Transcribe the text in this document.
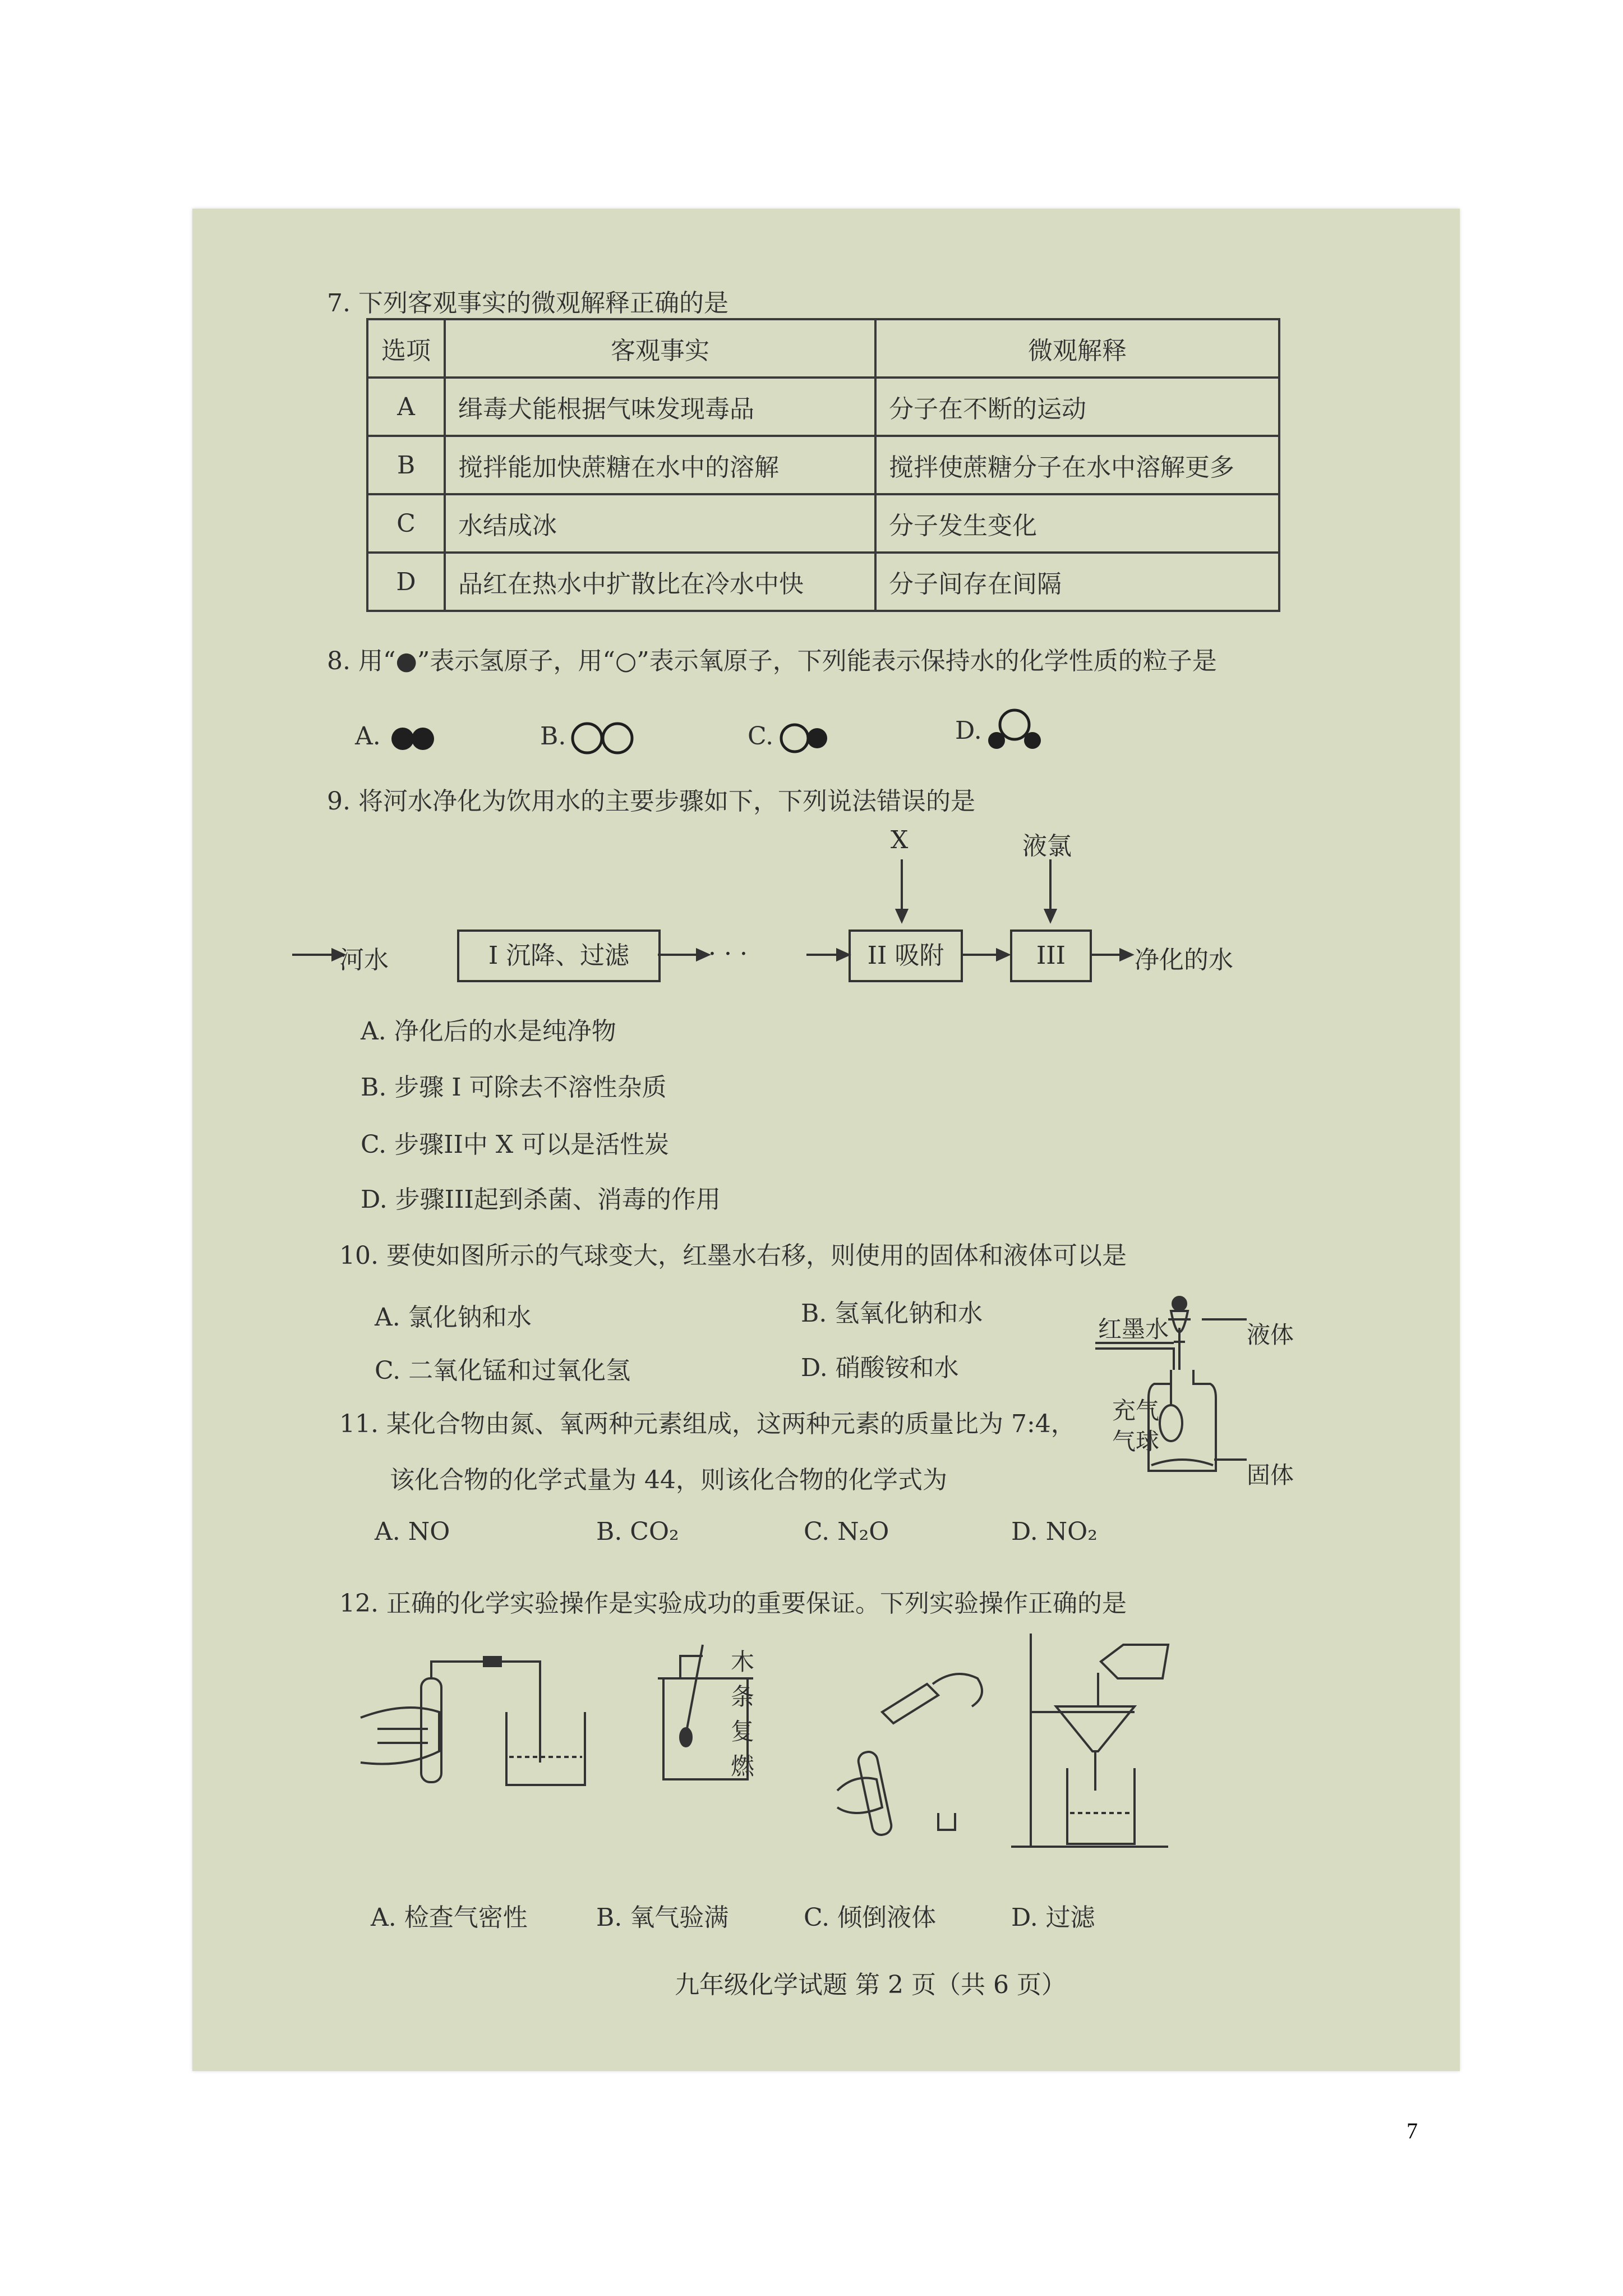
7. 下列客观事实的微观解释正确的是
选项	客观事实	微观解释
A	缉毒犬能根据气味发现毒品	分子在不断的运动
B	搅拌能加快蔗糖在水中的溶解	搅拌使蔗糖分子在水中溶解更多
C	水结成冰	分子发生变化
D	品红在热水中扩散比在冷水中快	分子间存在间隔
8. 用“●”表示氢原子，用“○”表示氧原子，下列能表示保持水的化学性质的粒子是
A.	B.	C.	D.
9. 将河水净化为饮用水的主要步骤如下，下列说法错误的是
X	液氯
河水	I 沉降、过滤	· · ·	II 吸附	III	净化的水
A. 净化后的水是纯净物
B. 步骤 I 可除去不溶性杂质
C. 步骤II中 X 可以是活性炭
D. 步骤III起到杀菌、消毒的作用
10. 要使如图所示的气球变大，红墨水右移，则使用的固体和液体可以是
A. 氯化钠和水	B. 氢氧化钠和水
C. 二氧化锰和过氧化氢	D. 硝酸铵和水
红墨水	液体
充气
气球
固体
11. 某化合物由氮、氧两种元素组成，这两种元素的质量比为 7:4，
该化合物的化学式量为 44，则该化合物的化学式为
A. NO	B. CO₂	C. N₂O	D. NO₂
12. 正确的化学实验操作是实验成功的重要保证。下列实验操作正确的是
木
条
复
燃
A. 检查气密性	B. 氧气验满	C. 倾倒液体	D. 过滤
九年级化学试题 第 2 页（共 6 页）
7
